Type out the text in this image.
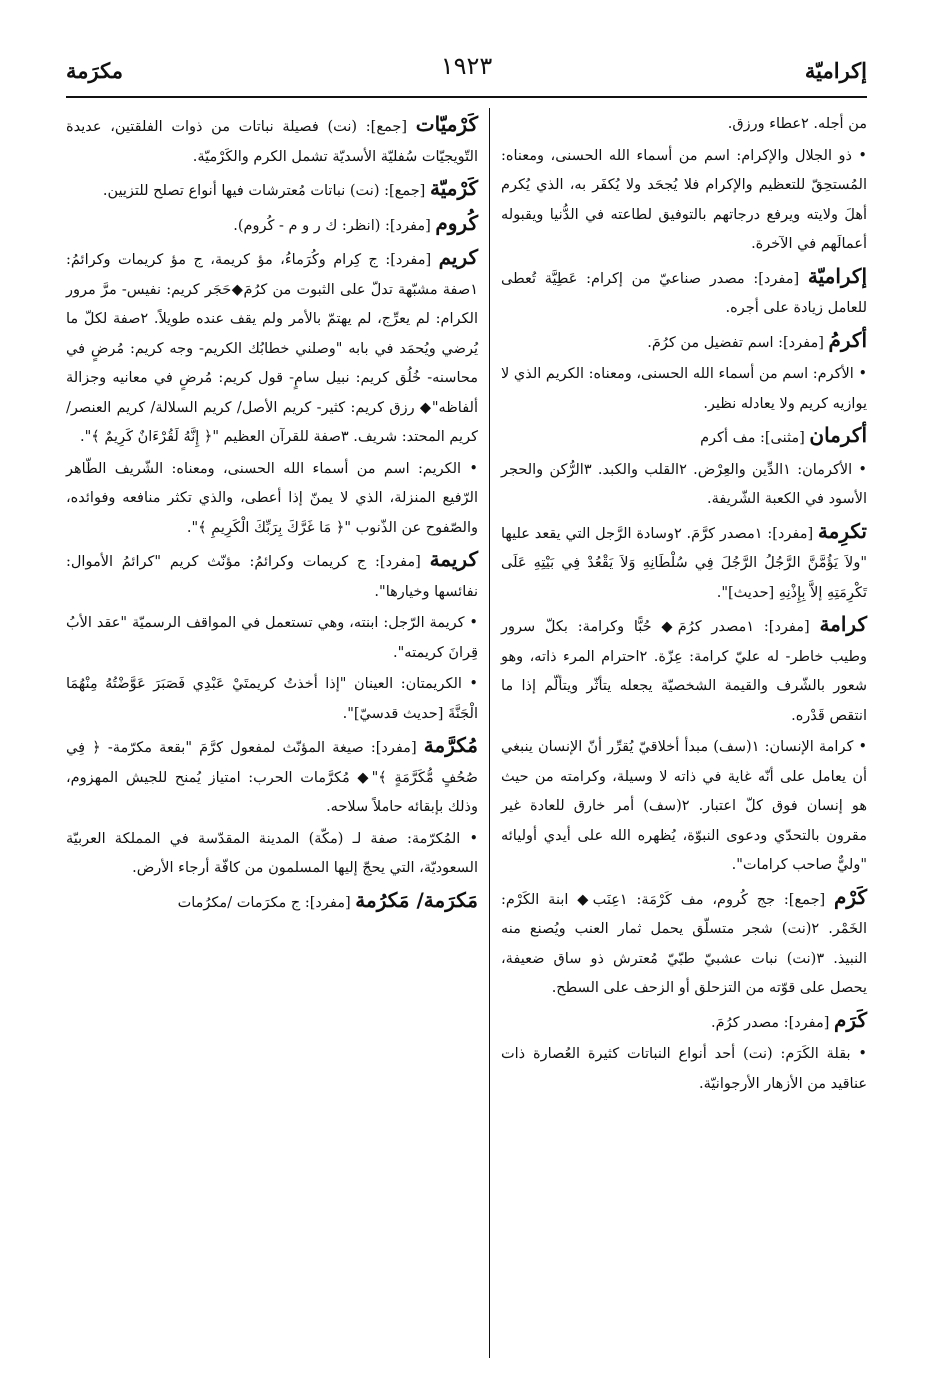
إكراميّة
١٩٢٣
مكرَمة

من أجله. ٢عطاء ورزق.

• ذو الجلال والإكرام: اسم من أسماء الله الحسنى، ومعناه: المُستحِقّ للتعظيم والإكرام فلا يُجحَد ولا يُكفَر به، الذي يُكرم أهلَ ولايته ويرفع درجاتهم بالتوفيق لطاعته في الدُّنيا ويقبوله أعمالَهم في الآخرة.

إكراميّة [مفرد]: مصدر صناعيّ من إكرام: عَطِيَّة تُعطى للعامل زيادة على أجره.

أكرمُ [مفرد]: اسم تفضيل من كرُمَ.

• الأكرم: اسم من أسماء الله الحسنى، ومعناه: الكريم الذي لا يوازيه كريم ولا يعادله نظير.

أكرمان [مثنى]: مف أكرم

• الأكرمان: ١الدِّين والعِرْض. ٢القلب والكبد. ٣الرُّكن والحجر الأسود في الكعبة الشّريفة.

تكرِمة [مفرد]: ١مصدر كرَّمَ. ٢وسادة الرَّجل التي يقعد عليها "ولاَ يَؤُمَّنَّ الرَّجُلُ الرَّجُلَ فِي سُلْطَانِهِ وَلاَ يَقْعُدْ فِي بَيْتِهِ عَلَى تَكْرِمَتِهِ إلاَّ بِإِذْنِهِ [حديث]".

كرامة [مفرد]: ١مصدر كرُمَ◆ حُبًّا وكرامة: بكلّ سرور وطيب خاطر- له عليّ كرامة: عِزّة. ٢احترام المرء ذاته، وهو شعور بالشّرف والقيمة الشخصيّة يجعله يتأثّر ويتألّم إذا ما انتقص قَدْره.

• كرامة الإنسان: ١(سف) مبدأ أخلاقيّ يُقرِّر أنّ الإنسان ينبغي أن يعامل على أنّه غاية في ذاته لا وسيلة، وكرامته من حيث هو إنسان فوق كلّ اعتبار. ٢(سف) أمر خارق للعادة غير مقرون بالتحدّي ودعوى النبوّة، يُظهره الله على أيدي أوليائه "وليٌّ صاحب كرامات".

كَرْم [جمع]: جج كُروم، مف كَرْمَة: ١عِنَب◆ ابنة الكَرْم: الخَمْر. ٢(نت) شجر متسلّق يحمل ثمار العنب ويُصنع منه النبيذ. ٣(نت) نبات عشبيّ طبّيّ مُعترش ذو ساق ضعيفة، يحصل على قوّته من التزحلق أو الزحف على السطح.

كَرَم [مفرد]: مصدر كرُمَ.

• بقلة الكَرَم: (نت) أحد أنواع النباتات كثيرة العُصارة ذات عناقيد من الأزهار الأرجوانيّة.

كَرْميّات [جمع]: (نت) فصيلة نباتات من ذوات الفلقتين، عديدة التّويجيّات سُفليّة الأسديّة تشمل الكرم والكَرْميّة.

كَرْميّة [جمع]: (نت) نباتات مُعترشات فيها أنواع تصلح للتزيين.

كُروم [مفرد]: (انظر: ك ر و م - كُروم).

كريم [مفرد]: ج كِرام وكُرَماءُ، مؤ كريمة، ج مؤ كريمات وكرائمُ: ١صفة مشبّهة تدلّ على الثبوت من كرُمَ◆حَجَر كريم: نفيس- مرَّ مرور الكرام: لم يعرِّج، لم يهتمّ بالأمر ولم يقف عنده طويلاً. ٢صفة لكلّ ما يُرضي ويُحمَد في بابه "وصلني خطابُك الكريم- وجه كريم: مُرضٍ في محاسنه- خُلُق كريم: نبيل سامٍ- قول كريم: مُرضٍ في معانيه وجزالة ألفاظه"◆ رزق كريم: كثير- كريم الأصل/ كريم السلالة/ كريم العنصر/ كريم المحتد: شريف. ٣صفة للقرآن العظيم "﴿ إِنَّهُ لَقُرْءَانٌ كَرِيمٌ ﴾".

• الكريم: اسم من أسماء الله الحسنى، ومعناه: الشّريف الطّاهر الرّفيع المنزلة، الذي لا يمنّ إذا أعطى، والذي تكثر منافعه وفوائده، والصّفوح عن الذّنوب "﴿ مَا غَرَّكَ بِرَبِّكَ الْكَرِيمِ ﴾".

كريمة [مفرد]: ج كريمات وكرائمُ: مؤنّث كريم "كرائمُ الأموال: نفائسها وخيارها".

• كريمة الرّجل: ابنته، وهي تستعمل في المواقف الرسميّة "عقد الأبُ قِرانَ كريمته".

• الكريمتان: العينان "إذا أخذتُ كريمتَيْ عَبْدِي فَصَبَرَ عَوَّضْتُهُ مِنْهُمَا الْجَنَّةَ [حديث قدسيّ]".

مُكرَّمة [مفرد]: صيغة المؤنّث لمفعول كرَّمَ "بقعة مكرّمة- ﴿ فِي صُحُفٍ مُّكَرَّمَةٍ ﴾"◆ مُكرَّمات الحرب: امتياز يُمنح للجيش المهزوم، وذلك بإبقائه حاملاً سلاحه.

• المُكرّمة: صفة لـ (مكّة) المدينة المقدّسة في المملكة العربيّة السعوديّة، التي يحجّ إليها المسلمون من كافّة أرجاء الأرض.

مَكرَمة/ مَكرُمة [مفرد]: ج مكرَمات /مكرُمات
